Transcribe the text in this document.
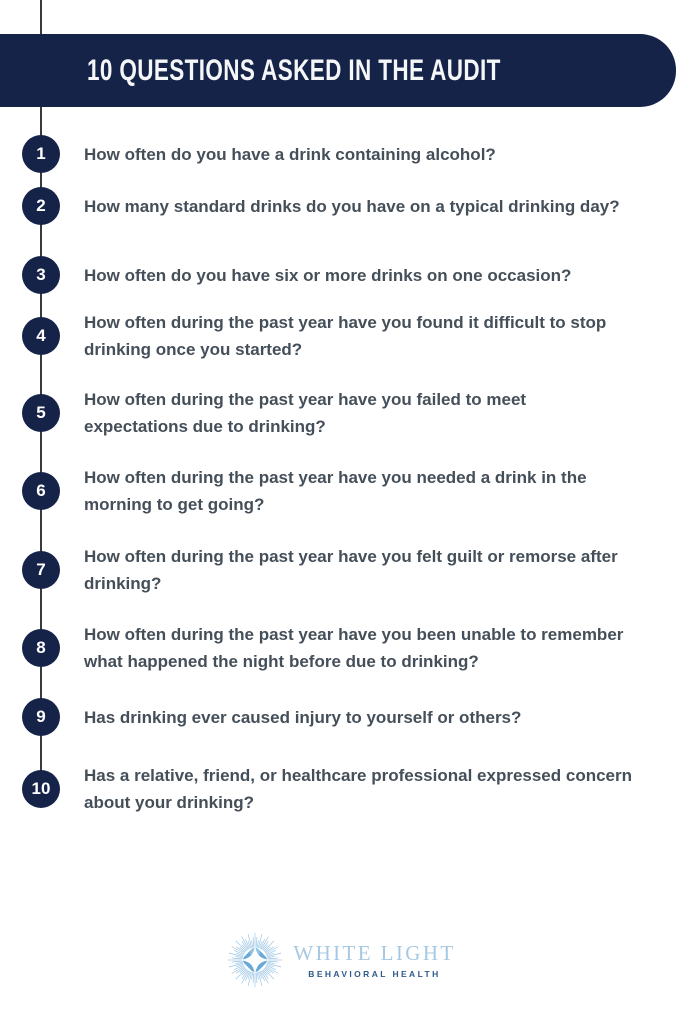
10 QUESTIONS ASKED IN THE AUDIT
1 How often do you have a drink containing alcohol?

2 How many standard drinks do you have on a typical drinking day?

3 How often do you have six or more drinks on one occasion?

4

How often during the past year have you found it difficult to stop drinking once you started?

5

How often during the past year have you failed to meet expectations due to drinking?

6

How often during the past year have you needed a drink in the morning to get going?

7

How often during the past year have you felt guilt or remorse after drinking?

8

How often during the past year have you been unable to remember what happened the night before due to drinking?

9 Has drinking ever caused injury to yourself or others?

10

Has a relative, friend, or healthcare professional expressed concern about your drinking?

WHITE LIGHT
BEHAVIORAL HEALTH
